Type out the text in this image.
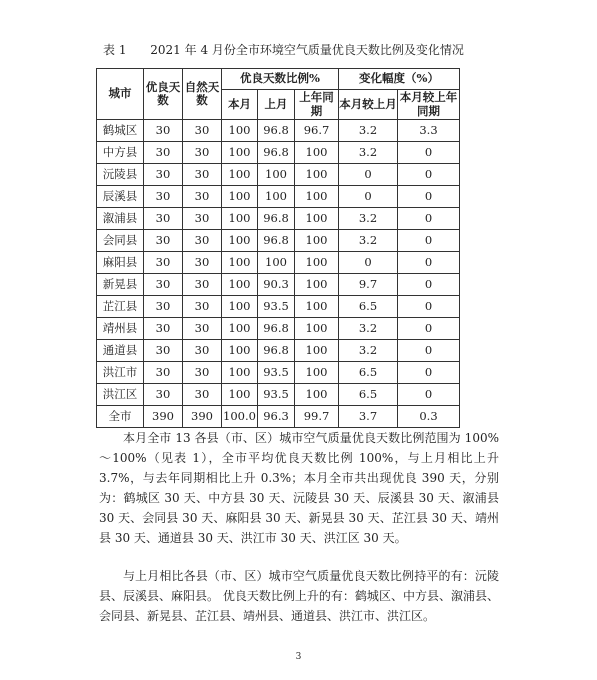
表 1 2021 年 4 月份全市环境空气质量优良天数比例及变化情况
城市	优良天数	自然天数	优良天数比例%			变化幅度（%）	
			本月	上月	上年同期	本月较上月	本月较上年同期
鹤城区	30	30	100	96.8	96.7	3.2	3.3
中方县	30	30	100	96.8	100	3.2	0
沅陵县	30	30	100	100	100	0	0
辰溪县	30	30	100	100	100	0	0
溆浦县	30	30	100	96.8	100	3.2	0
会同县	30	30	100	96.8	100	3.2	0
麻阳县	30	30	100	100	100	0	0
新晃县	30	30	100	90.3	100	9.7	0
芷江县	30	30	100	93.5	100	6.5	0
靖州县	30	30	100	96.8	100	3.2	0
通道县	30	30	100	96.8	100	3.2	0
洪江市	30	30	100	93.5	100	6.5	0
洪江区	30	30	100	93.5	100	6.5	0
全市	390	390	100.0	96.3	99.7	3.7	0.3
本月全市 13 各县（市、区）城市空气质量优良天数比例范围为 100%～100%（见表 1），全市平均优良天数比例 100%，与上月相比上升 3.7%，与去年同期相比上升 0.3%；本月全市共出现优良 390 天，分别为：鹤城区 30 天、中方县 30 天、沅陵县 30 天、辰溪县 30 天、溆浦县 30 天、会同县 30 天、麻阳县 30 天、新晃县 30 天、芷江县 30 天、靖州县 30 天、通道县 30 天、洪江市 30 天、洪江区 30 天。
与上月相比各县（市、区）城市空气质量优良天数比例持平的有：沅陵县、辰溪县、麻阳县。 优良天数比例上升的有：鹤城区、中方县、溆浦县、会同县、新晃县、芷江县、靖州县、通道县、洪江市、洪江区。
3
